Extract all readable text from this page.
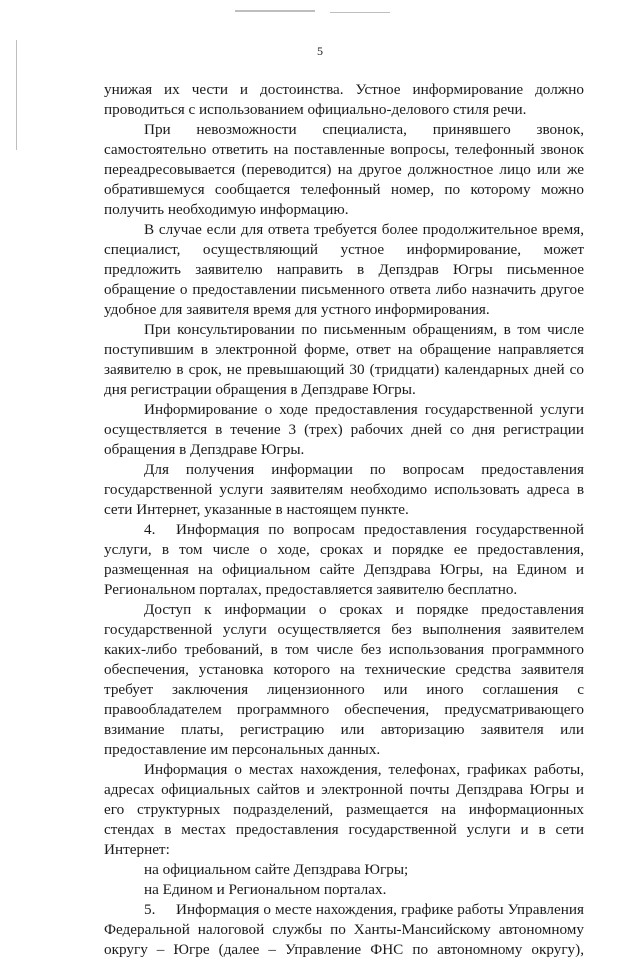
5

унижая их чести и достоинства. Устное информирование должно проводиться с использованием официально-делового стиля речи.

При невозможности специалиста, принявшего звонок, самостоятельно ответить на поставленные вопросы, телефонный звонок переадресовывается (переводится) на другое должностное лицо или же обратившемуся сообщается телефонный номер, по которому можно получить необходимую информацию.

В случае если для ответа требуется более продолжительное время, специалист, осуществляющий устное информирование, может предложить заявителю направить в Депздрав Югры письменное обращение о предоставлении письменного ответа либо назначить другое удобное для заявителя время для устного информирования.

При консультировании по письменным обращениям, в том числе поступившим в электронной форме, ответ на обращение направляется заявителю в срок, не превышающий 30 (тридцати) календарных дней со дня регистрации обращения в Депздраве Югры.

Информирование о ходе предоставления государственной услуги осуществляется в течение 3 (трех) рабочих дней со дня регистрации обращения в Депздраве Югры.

Для получения информации по вопросам предоставления государственной услуги заявителям необходимо использовать адреса в сети Интернет, указанные в настоящем пункте.

4. Информация по вопросам предоставления государственной услуги, в том числе о ходе, сроках и порядке ее предоставления, размещенная на официальном сайте Депздрава Югры, на Едином и Региональном порталах, предоставляется заявителю бесплатно.

Доступ к информации о сроках и порядке предоставления государственной услуги осуществляется без выполнения заявителем каких-либо требований, в том числе без использования программного обеспечения, установка которого на технические средства заявителя требует заключения лицензионного или иного соглашения с правообладателем программного обеспечения, предусматривающего взимание платы, регистрацию или авторизацию заявителя или предоставление им персональных данных.

Информация о местах нахождения, телефонах, графиках работы, адресах официальных сайтов и электронной почты Депздрава Югры и его структурных подразделений, размещается на информационных стендах в местах предоставления государственной услуги и в сети Интернет:

на официальном сайте Депздрава Югры;

на Едином и Региональном порталах.

5. Информация о месте нахождения, графике работы Управления Федеральной налоговой службы по Ханты-Мансийскому автономному округу – Югре (далее – Управление ФНС по автономному округу),
